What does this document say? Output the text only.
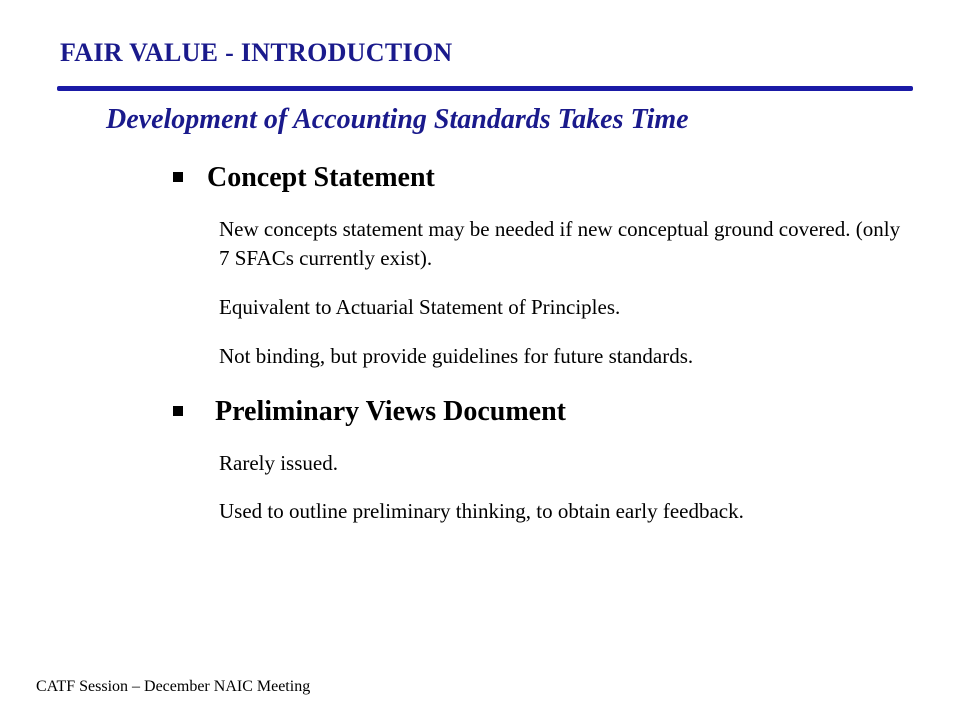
FAIR VALUE - INTRODUCTION
Development of Accounting Standards Takes Time
Concept Statement
New concepts statement may be needed if new conceptual ground covered. (only 7 SFACs currently exist).
Equivalent to Actuarial Statement of Principles.
Not binding, but provide guidelines for future standards.
Preliminary Views Document
Rarely issued.
Used to outline preliminary thinking, to obtain early feedback.
CATF Session – December NAIC Meeting
